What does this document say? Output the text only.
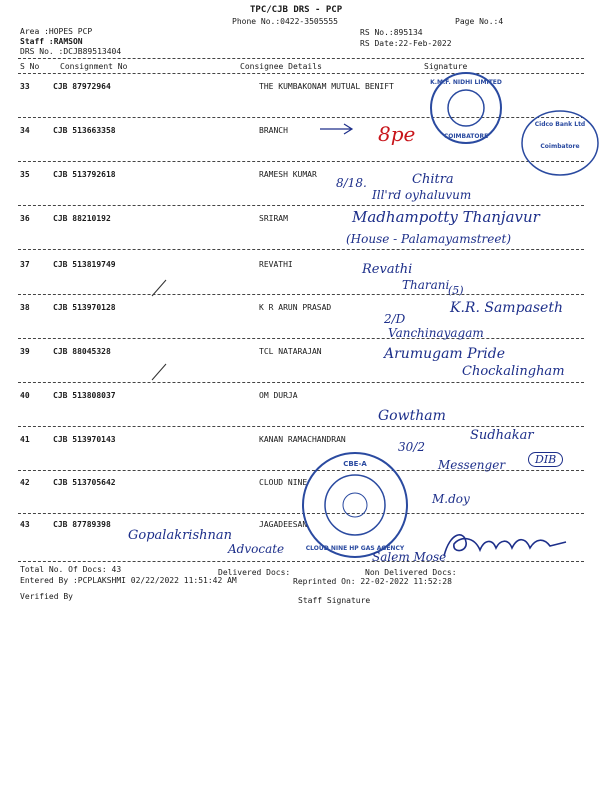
TPC/CJB DRS - PCP
Phone No.:0422-3505555	Page No.:4
Area :HOPES PCP
Staff :RAMSON
DRS No. :DCJB89513404
RS No.:895134
RS Date:22-Feb-2022
S No	Consignment No	Consignee Details	Signature
33	CJB 87972964	THE KUMBAKONAM MUTUAL BENIFT
34	CJB 513663358	BRANCH
35	CJB 513792618	RAMESH KUMAR
36	CJB 88210192	SRIRAM
37	CJB 513819749	REVATHI
38	CJB 513970128	K R ARUN PRASAD
39	CJB 88045328	TCL NATARAJAN
40	CJB 513808037	OM DURJA
41	CJB 513970143	KANAN RAMACHANDRAN
42	CJB 513705642	CLOUD NINE
43	CJB 87789398	JAGADEESAN
Total No. Of Docs: 43	Delivered Docs:	Non Delivered Docs:
Entered By :PCPLAKSHMI 02/22/2022 11:51:42 AM	Reprinted On: 22-02-2022 11:52:28
Verified By	Staff Signature
K.M.F. NIDHI LIMITED
COIMBATORE
Cidco Bank Ltd
Coimbatore
CBE-A
CLOUD NINE HP GAS AGENCY
8pe
8/18.	Chitra
Ill'rd oyhaluvum
Madhampotty Thanjavur
(House - Palamayamstreet)
Revathi
Tharani
(5)
K.R. Sampaseth
2/D
Vanchinayagam
Arumugam Pride
Chockalingham
Gowtham
30/2
Sudhakar
Messenger	DIB
M.doy
Gopalakrishnan
Advocate
Salem Mose
